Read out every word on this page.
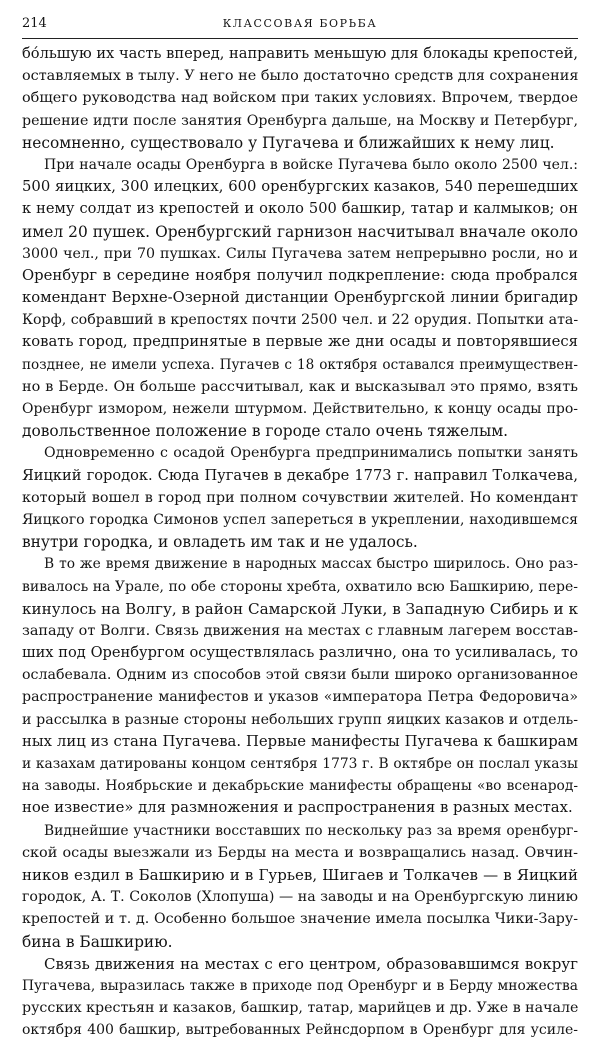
214	КЛАССОВАЯ БОРЬБА
бо́льшую их часть вперед, направить меньшую для блокады крепостей,
оставляемых в тылу. У него не было достаточно средств для сохранения
общего руководства над войском при таких условиях. Впрочем, твердое
решение идти после занятия Оренбурга дальше, на Москву и Петербург,
несомненно, существовало у Пугачева и ближайших к нему лиц.
При начале осады Оренбурга в войске Пугачева было около 2500 чел.:
500 яицких, 300 илецких, 600 оренбургских казаков, 540 перешедших
к нему солдат из крепостей и около 500 башкир, татар и калмыков; он
имел 20 пушек. Оренбургский гарнизон насчитывал вначале около
3000 чел., при 70 пушках. Силы Пугачева затем непрерывно росли, но и
Оренбург в середине ноября получил подкрепление: сюда пробрался
комендант Верхне-Озерной дистанции Оренбургской линии бригадир
Корф, собравший в крепостях почти 2500 чел. и 22 орудия. Попытки ата-
ковать город, предпринятые в первые же дни осады и повторявшиеся
позднее, не имели успеха. Пугачев с 18 октября оставался преимуществен-
но в Берде. Он больше рассчитывал, как и высказывал это прямо, взять
Оренбург измором, нежели штурмом. Действительно, к концу осады про-
довольственное положение в городе стало очень тяжелым.
Одновременно с осадой Оренбурга предпринимались попытки занять
Яицкий городок. Сюда Пугачев в декабре 1773 г. направил Толкачева,
который вошел в город при полном сочувствии жителей. Но комендант
Яицкого городка Симонов успел запереться в укреплении, находившемся
внутри городка, и овладеть им так и не удалось.
В то же время движение в народных массах быстро ширилось. Оно раз-
вивалось на Урале, по обе стороны хребта, охватило всю Башкирию, пере-
кинулось на Волгу, в район Самарской Луки, в Западную Сибирь и к
западу от Волги. Связь движения на местах с главным лагерем восстав-
ших под Оренбургом осуществлялась различно, она то усиливалась, то
ослабевала. Одним из способов этой связи были широко организованное
распространение манифестов и указов «императора Петра Федоровича»
и рассылка в разные стороны небольших групп яицких казаков и отдель-
ных лиц из стана Пугачева. Первые манифесты Пугачева к башкирам
и казахам датированы концом сентября 1773 г. В октябре он послал указы
на заводы. Ноябрьские и декабрьские манифесты обращены «во всенарод-
ное известие» для размножения и распространения в разных местах.
Виднейшие участники восставших по нескольку раз за время оренбург-
ской осады выезжали из Берды на места и возвращались назад. Овчин-
ников ездил в Башкирию и в Гурьев, Шигаев и Толкачев — в Яицкий
городок, А. Т. Соколов (Хлопуша) — на заводы и на Оренбургскую линию
крепостей и т. д. Особенно большое значение имела посылка Чики-Зару-
бина в Башкирию.
Связь движения на местах с его центром, образовавшимся вокруг
Пугачева, выразилась также в приходе под Оренбург и в Берду множества
русских крестьян и казаков, башкир, татар, марийцев и др. Уже в начале
октября 400 башкир, вытребованных Рейнсдорпом в Оренбург для усиле-
